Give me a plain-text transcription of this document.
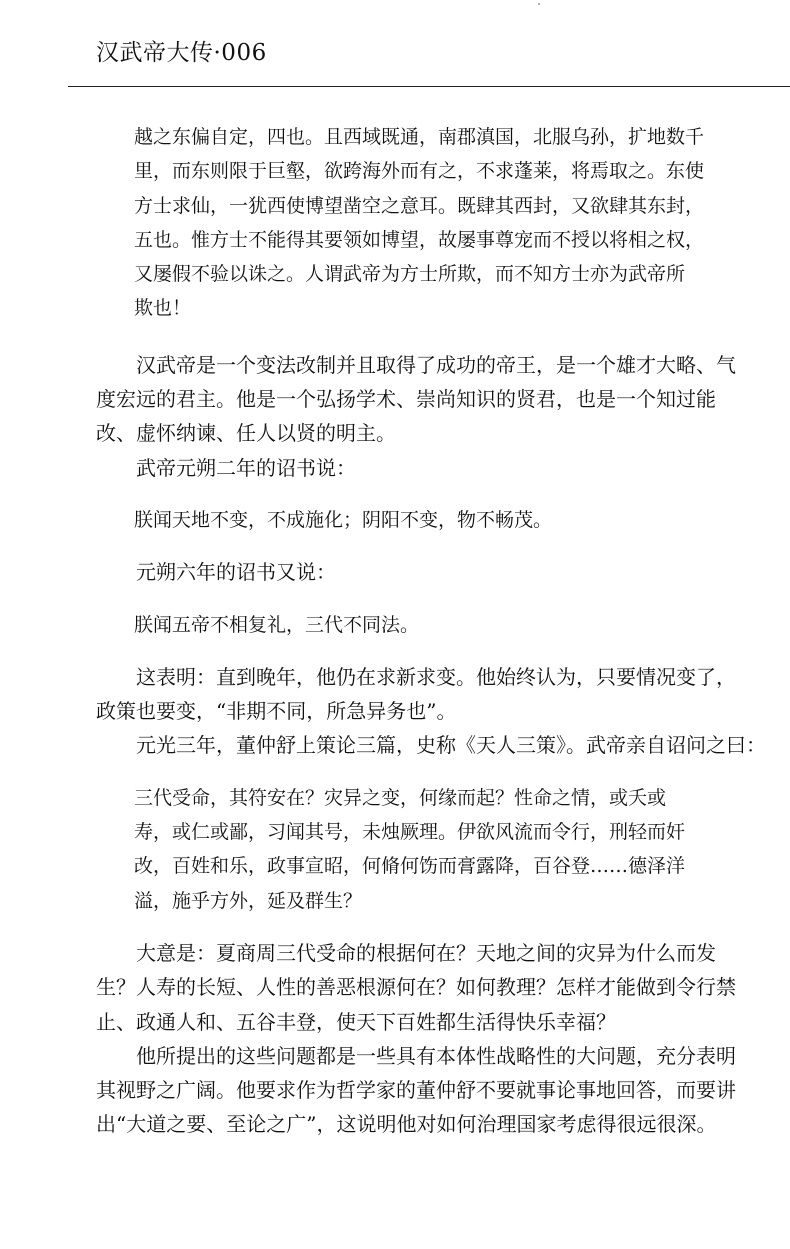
汉武帝大传·006
越之东偏自定，四也。且西域既通，南郡滇国，北服乌孙，扩地数千
里，而东则限于巨壑，欲跨海外而有之，不求蓬莱，将焉取之。东使
方士求仙，一犹西使博望凿空之意耳。既肆其西封，又欲肆其东封，
五也。惟方士不能得其要领如博望，故屡事尊宠而不授以将相之权，
又屡假不验以诛之。人谓武帝为方士所欺，而不知方士亦为武帝所
欺也！
汉武帝是一个变法改制并且取得了成功的帝王，是一个雄才大略、气
度宏远的君主。他是一个弘扬学术、崇尚知识的贤君，也是一个知过能
改、虚怀纳谏、任人以贤的明主。
武帝元朔二年的诏书说：
朕闻天地不变，不成施化；阴阳不变，物不畅茂。
元朔六年的诏书又说：
朕闻五帝不相复礼，三代不同法。
这表明：直到晚年，他仍在求新求变。他始终认为，只要情况变了，
政策也要变，“非期不同，所急异务也”。
元光三年，董仲舒上策论三篇，史称《天人三策》。武帝亲自诏问之曰：
三代受命，其符安在？灾异之变，何缘而起？性命之情，或夭或
寿，或仁或鄙，习闻其号，未烛厥理。伊欲风流而令行，刑轻而奸
改，百姓和乐，政事宣昭，何脩何饬而膏露降，百谷登……德泽洋
溢，施乎方外，延及群生？
大意是：夏商周三代受命的根据何在？天地之间的灾异为什么而发
生？人寿的长短、人性的善恶根源何在？如何教理？怎样才能做到令行禁
止、政通人和、五谷丰登，使天下百姓都生活得快乐幸福？
他所提出的这些问题都是一些具有本体性战略性的大问题，充分表明
其视野之广阔。他要求作为哲学家的董仲舒不要就事论事地回答，而要讲
出“大道之要、至论之广”，这说明他对如何治理国家考虑得很远很深。
